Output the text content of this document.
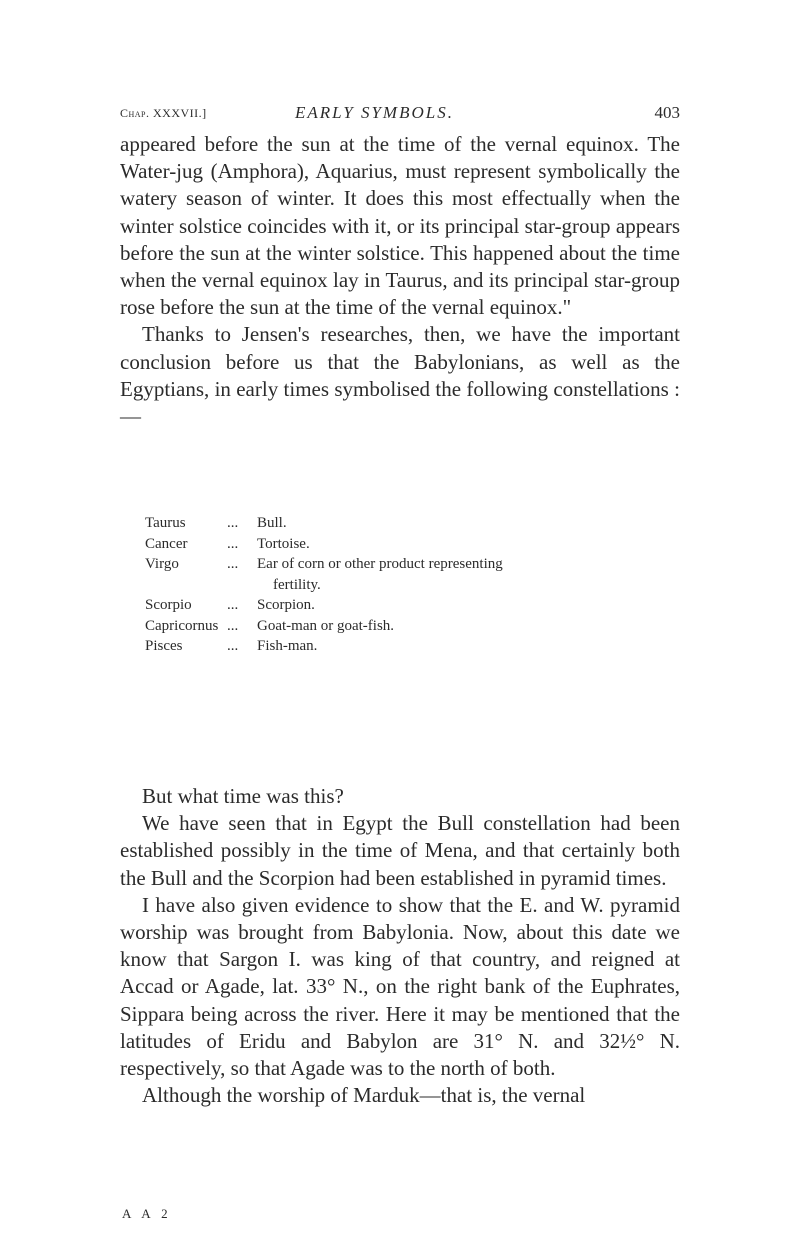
Chap. XXXVII.]	EARLY SYMBOLS.	403

appeared before the sun at the time of the vernal equinox. The Water-jug (Amphora), Aquarius, must represent symbolically the watery season of winter. It does this most effectually when the winter solstice coincides with it, or its principal star-group appears before the sun at the winter solstice. This happened about the time when the vernal equinox lay in Taurus, and its principal star-group rose before the sun at the time of the vernal equinox."

Thanks to Jensen's researches, then, we have the important conclusion before us that the Babylonians, as well as the Egyptians, in early times symbolised the following constellations :—

Taurus	...	Bull.
Cancer	...	Tortoise.
Virgo	...	Ear of corn or other product representing
fertility.
Scorpio	...	Scorpion.
Capricornus ...	Goat-man or goat-fish.
Pisces	...	Fish-man.

But what time was this?

We have seen that in Egypt the Bull constellation had been established possibly in the time of Mena, and that certainly both the Bull and the Scorpion had been established in pyramid times.

I have also given evidence to show that the E. and W. pyramid worship was brought from Babylonia. Now, about this date we know that Sargon I. was king of that country, and reigned at Accad or Agade, lat. 33° N., on the right bank of the Euphrates, Sippara being across the river. Here it may be mentioned that the latitudes of Eridu and Babylon are 31° N. and 32½° N. respectively, so that Agade was to the north of both.

Although the worship of Marduk—that is, the vernal

A A 2
